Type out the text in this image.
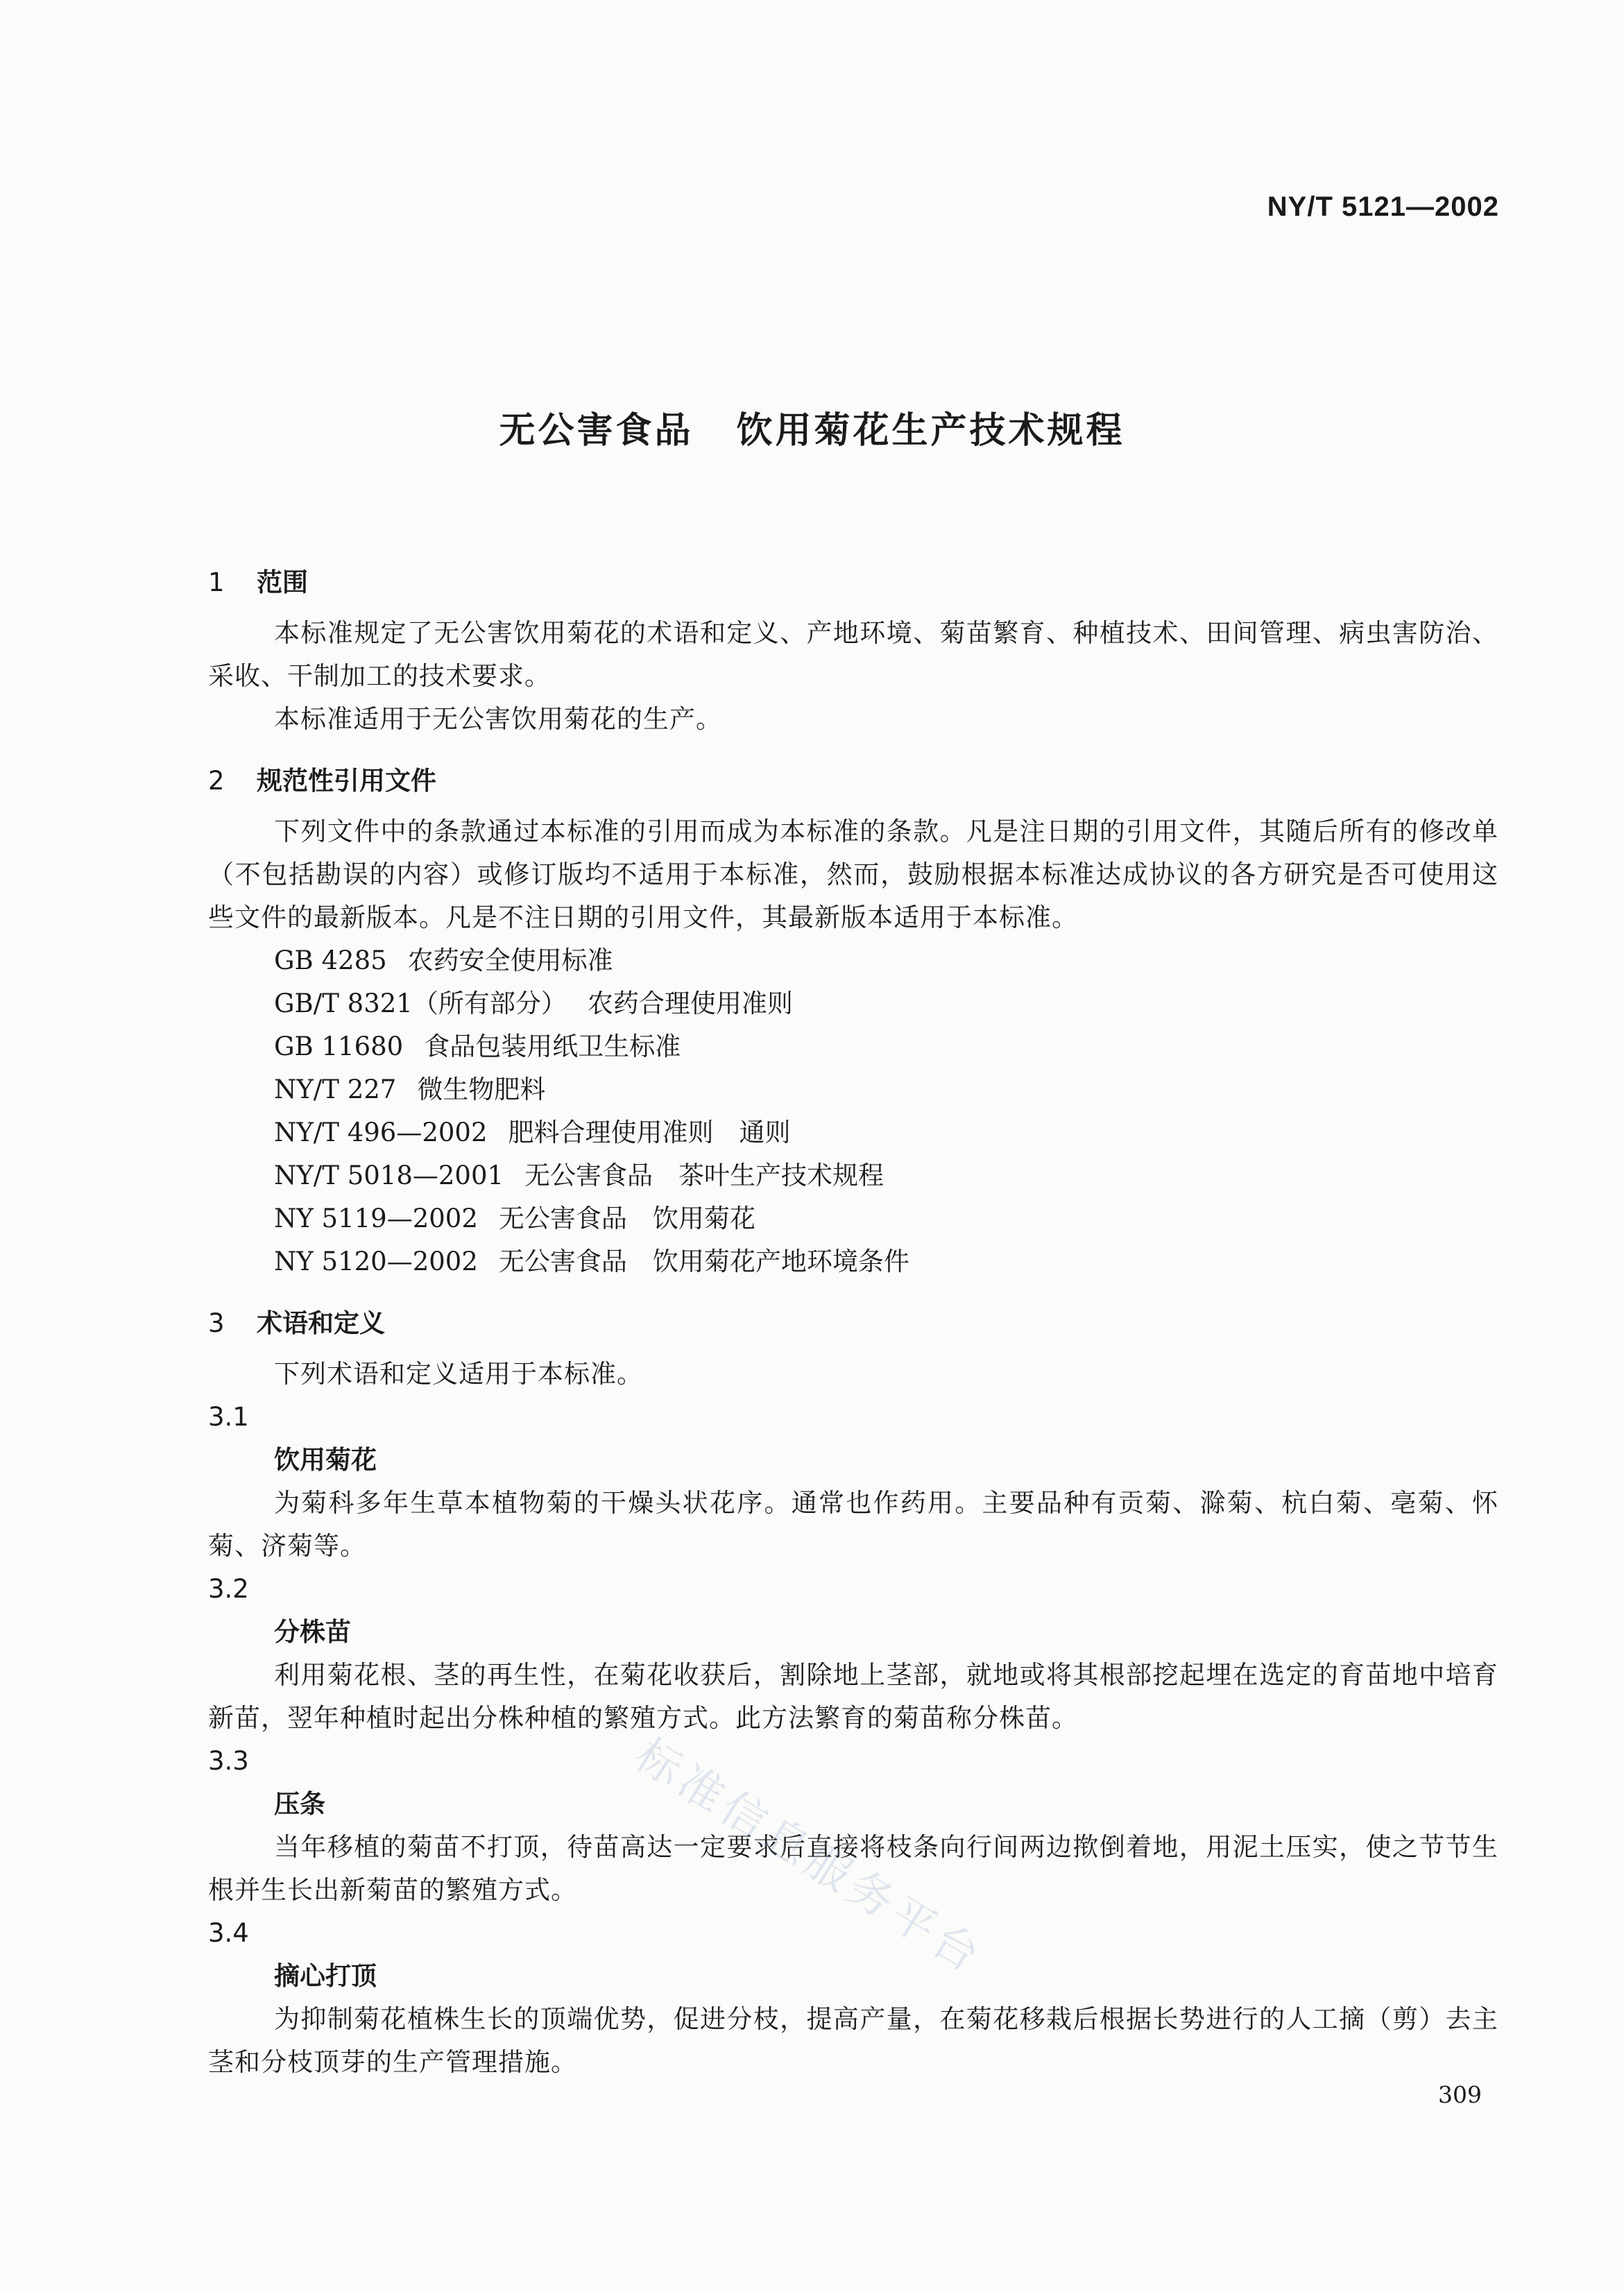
NY/T 5121—2002
无公害食品 饮用菊花生产技术规程

1 范围

本标准规定了无公害饮用菊花的术语和定义、产地环境、菊苗繁育、种植技术、田间管理、病虫害防治、采收、干制加工的技术要求。

本标准适用于无公害饮用菊花的生产。

2 规范性引用文件

下列文件中的条款通过本标准的引用而成为本标准的条款。凡是注日期的引用文件，其随后所有的修改单（不包括勘误的内容）或修订版均不适用于本标准，然而，鼓励根据本标准达成协议的各方研究是否可使用这些文件的最新版本。凡是不注日期的引用文件，其最新版本适用于本标准。

GB 4285 农药安全使用标准

GB/T 8321（所有部分） 农药合理使用准则

GB 11680 食品包装用纸卫生标准

NY/T 227 微生物肥料

NY/T 496—2002 肥料合理使用准则　通则

NY/T 5018—2001 无公害食品　茶叶生产技术规程

NY 5119—2002 无公害食品　饮用菊花

NY 5120—2002 无公害食品　饮用菊花产地环境条件

3 术语和定义

下列术语和定义适用于本标准。

3.1

饮用菊花

为菊科多年生草本植物菊的干燥头状花序。通常也作药用。主要品种有贡菊、滁菊、杭白菊、亳菊、怀菊、济菊等。

3.2

分株苗

利用菊花根、茎的再生性，在菊花收获后，割除地上茎部，就地或将其根部挖起埋在选定的育苗地中培育新苗，翌年种植时起出分株种植的繁殖方式。此方法繁育的菊苗称分株苗。

3.3

压条

当年移植的菊苗不打顶，待苗高达一定要求后直接将枝条向行间两边揿倒着地，用泥土压实，使之节节生根并生长出新菊苗的繁殖方式。

3.4

摘心打顶

为抑制菊花植株生长的顶端优势，促进分枝，提高产量，在菊花移栽后根据长势进行的人工摘（剪）去主茎和分枝顶芽的生产管理措施。

标准信息服务平台
309
